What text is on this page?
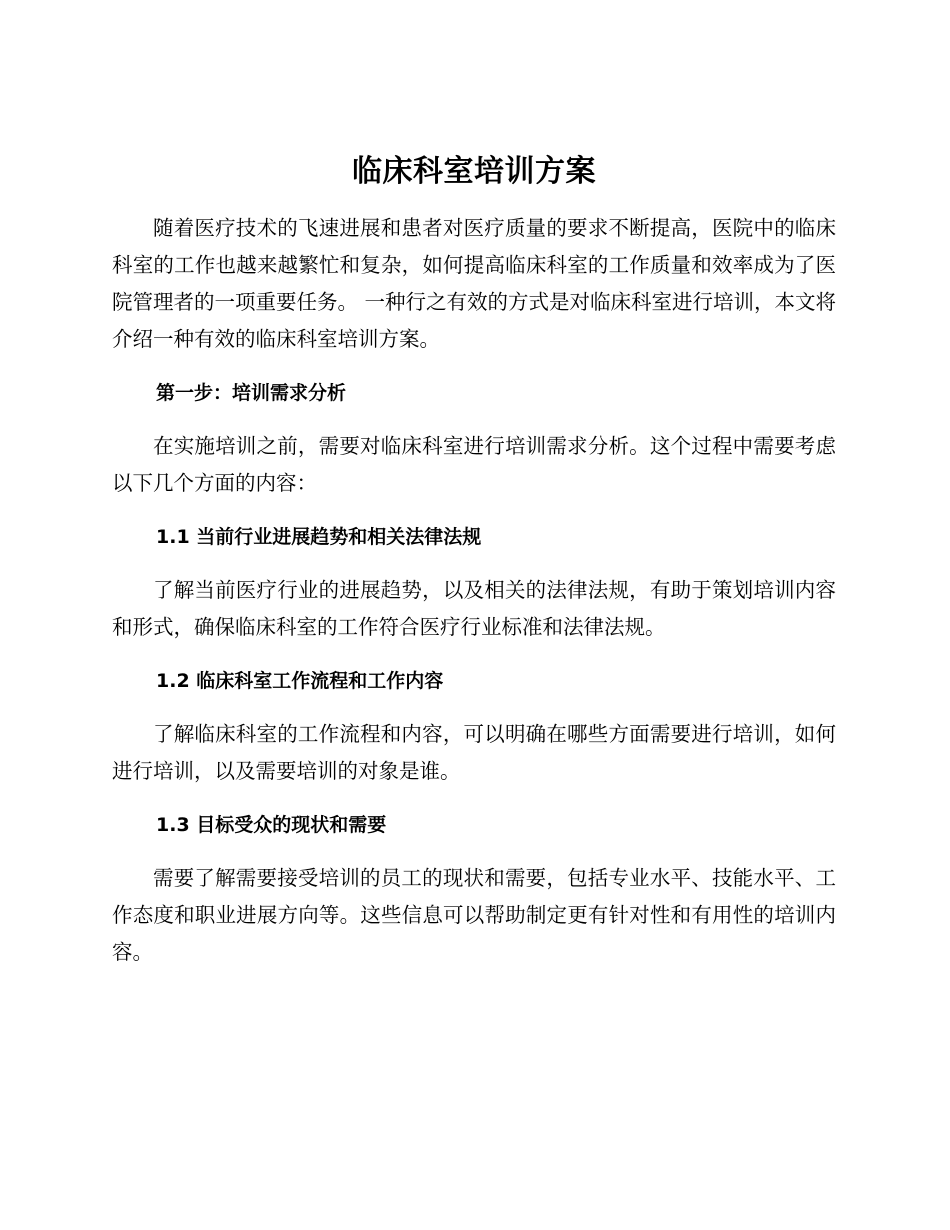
临床科室培训方案

随着医疗技术的飞速进展和患者对医疗质量的要求不断提高，医院中的临床科室的工作也越来越繁忙和复杂，如何提高临床科室的工作质量和效率成为了医院管理者的一项重要任务。 一种行之有效的方式是对临床科室进行培训，本文将介绍一种有效的临床科室培训方案。

第一步：培训需求分析

在实施培训之前，需要对临床科室进行培训需求分析。这个过程中需要考虑以下几个方面的内容：

1.1 当前行业进展趋势和相关法律法规

了解当前医疗行业的进展趋势，以及相关的法律法规，有助于策划培训内容和形式，确保临床科室的工作符合医疗行业标准和法律法规。

1.2 临床科室工作流程和工作内容

了解临床科室的工作流程和内容，可以明确在哪些方面需要进行培训，如何进行培训，以及需要培训的对象是谁。

1.3 目标受众的现状和需要

需要了解需要接受培训的员工的现状和需要，包括专业水平、技能水平、工作态度和职业进展方向等。这些信息可以帮助制定更有针对性和有用性的培训内容。
